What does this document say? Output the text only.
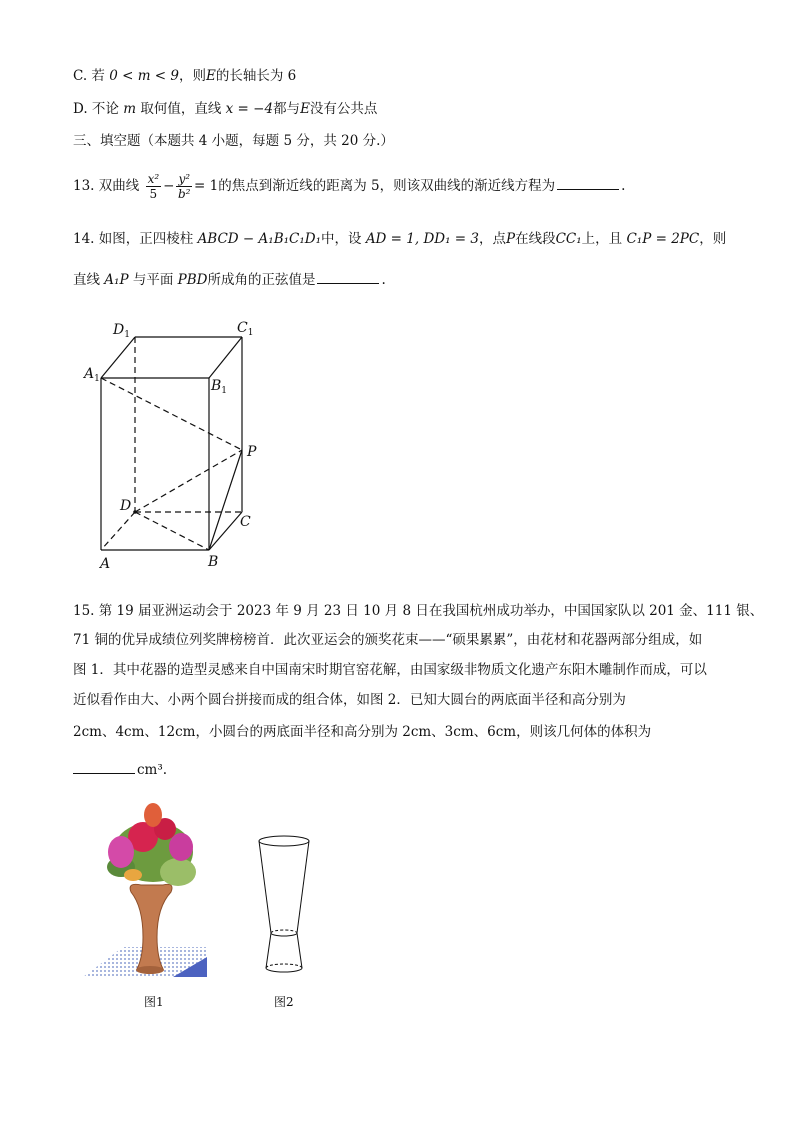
C. 若 0 < m < 9，则E的长轴长为 6
D. 不论 m 取何值，直线 x = −4都与E没有公共点
三、填空题（本题共 4 小题，每题 5 分，共 20 分.）
13. 双曲线 $\frac{\text{x²}}{5} - \frac{\text{y²}}{\text{b²}} = 1$的焦点到渐近线的距离为 5，则该双曲线的渐近线方程为	.
14. 如图，正四棱柱 ABCD − A₁B₁C₁D₁中，设 AD = 1, DD₁ = 3，点P在线段CC₁上，且 C₁P = 2PC，则
直线 A₁P 与平面 PBD所成角的正弦值是	.
$D_1$	$C_1$
$A_1$	$B_1$
P
D
C
A	B
15. 第 19 届亚洲运动会于 2023 年 9 月 23 日 10 月 8 日在我国杭州成功举办，中国国家队以 201 金、111 银、
71 铜的优异成绩位列奖牌榜榜首．此次亚运会的颁奖花束——“硕果累累”，由花材和花器两部分组成，如
图 1．其中花器的造型灵感来自中国南宋时期官窑花解，由国家级非物质文化遗产东阳木雕制作而成，可以
近似看作由大、小两个圆台拼接而成的组合体，如图 2．已知大圆台的两底面半径和高分别为
2cm、4cm、12cm，小圆台的两底面半径和高分别为 2cm、3cm、6cm，则该几何体的体积为
cm³.
图1	图2
